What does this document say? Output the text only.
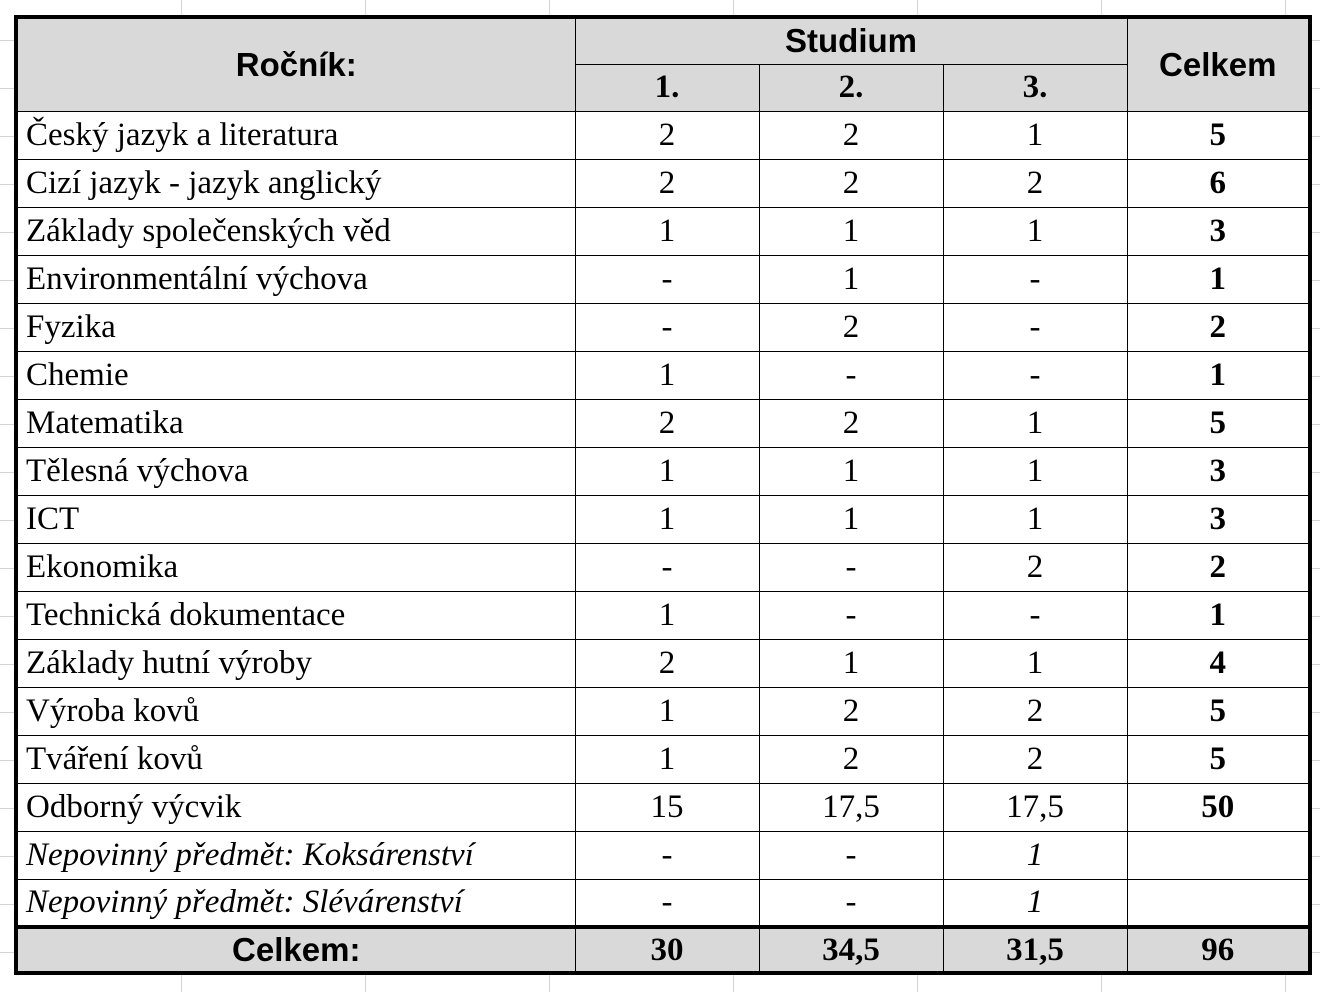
Ročník:	Studium			Celkem
	1.	2.	3.	
Český jazyk a literatura	2	2	1	5
Cizí jazyk - jazyk anglický	2	2	2	6
Základy společenských věd	1	1	1	3
Environmentální výchova	-	1	-	1
Fyzika	-	2	-	2
Chemie	1	-	-	1
Matematika	2	2	1	5
Tělesná výchova	1	1	1	3
ICT	1	1	1	3
Ekonomika	-	-	2	2
Technická dokumentace	1	-	-	1
Základy hutní výroby	2	1	1	4
Výroba kovů	1	2	2	5
Tváření kovů	1	2	2	5
Odborný výcvik	15	17,5	17,5	50
Nepovinný předmět: Koksárenství	-	-	1	
Nepovinný předmět: Slévárenství	-	-	1	
Celkem:	30	34,5	31,5	96
